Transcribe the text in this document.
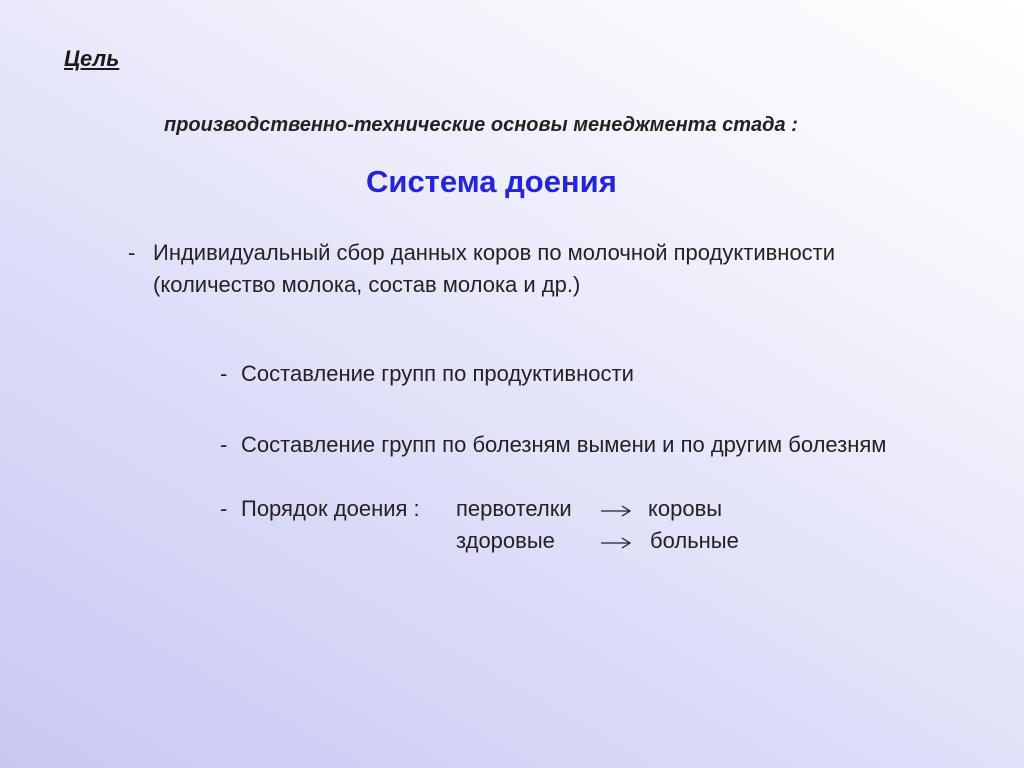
Цель
производственно-технические основы менеджмента стада :
Система доения
- Индивидуальный сбор данных коров по молочной продуктивности
(количество молока, состав молока и др.)
- Составление групп по продуктивности
- Составление групп по болезням вымени и по другим болезням
- Порядок доения : первотелки	коровы
здоровые	больные
